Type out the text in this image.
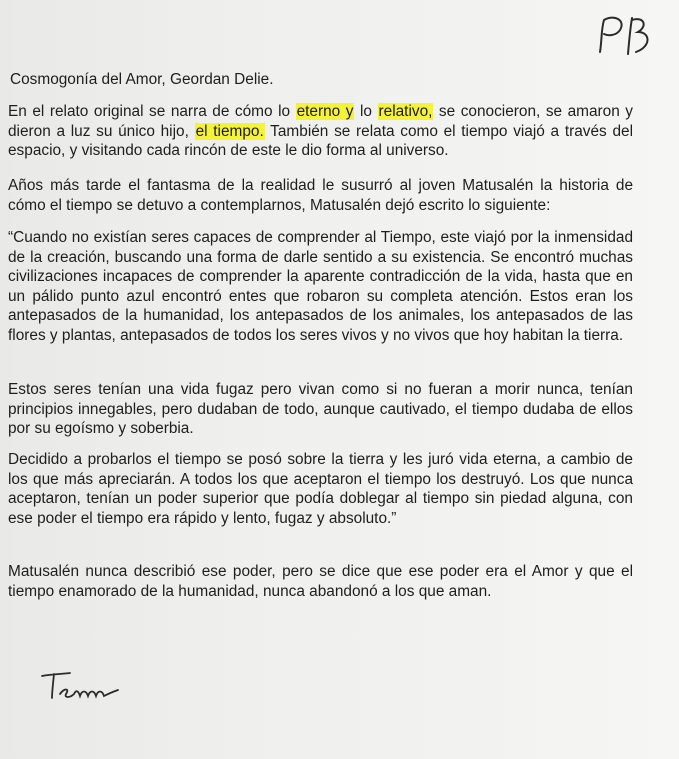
Cosmogonía del Amor, Geordan Delie.
En el relato original se narra de cómo lo eterno y lo relativo, se conocieron, se amaron y dieron a luz su único hijo, el tiempo. También se relata como el tiempo viajó a través del espacio, y visitando cada rincón de este le dio forma al universo.
Años más tarde el fantasma de la realidad le susurró al joven Matusalén la historia de cómo el tiempo se detuvo a contemplarnos, Matusalén dejó escrito lo siguiente:
“Cuando no existían seres capaces de comprender al Tiempo, este viajó por la inmensidad de la creación, buscando una forma de darle sentido a su existencia. Se encontró muchas civilizaciones incapaces de comprender la aparente contradicción de la vida, hasta que en un pálido punto azul encontró entes que robaron su completa atención. Estos eran los antepasados de la humanidad, los antepasados de los animales, los antepasados de las flores y plantas, antepasados de todos los seres vivos y no vivos que hoy habitan la tierra.
Estos seres tenían una vida fugaz pero vivan como si no fueran a morir nunca, tenían principios innegables, pero dudaban de todo, aunque cautivado, el tiempo dudaba de ellos por su egoísmo y soberbia.
Decidido a probarlos el tiempo se posó sobre la tierra y les juró vida eterna, a cambio de los que más apreciarán. A todos los que aceptaron el tiempo los destruyó. Los que nunca aceptaron, tenían un poder superior que podía doblegar al tiempo sin piedad alguna, con ese poder el tiempo era rápido y lento, fugaz y absoluto.”
Matusalén nunca describió ese poder, pero se dice que ese poder era el Amor y que el tiempo enamorado de la humanidad, nunca abandonó a los que aman.
